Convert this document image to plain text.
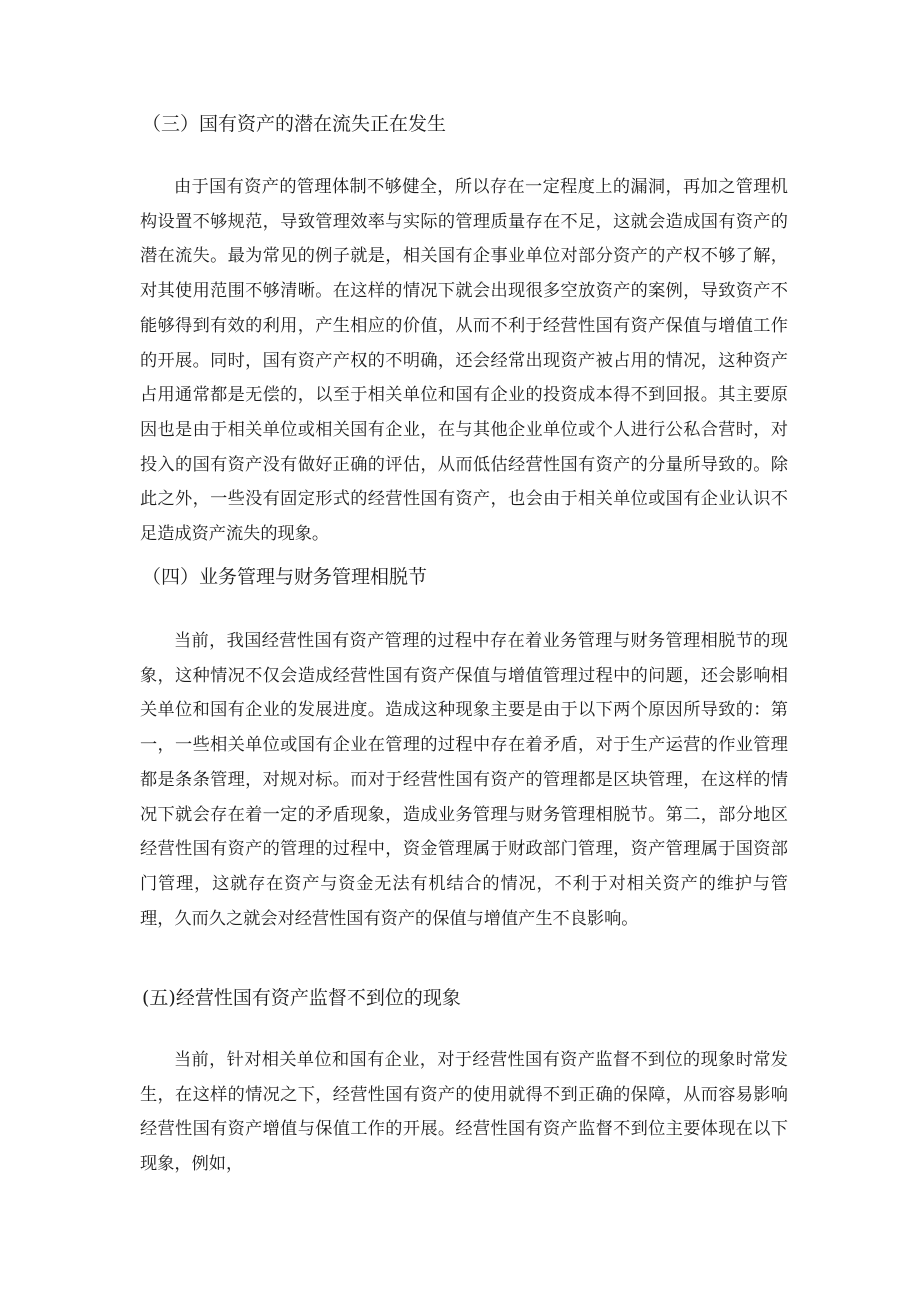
（三）国有资产的潜在流失正在发生

由于国有资产的管理体制不够健全，所以存在一定程度上的漏洞，再加之管理机构设置不够规范，导致管理效率与实际的管理质量存在不足，这就会造成国有资产的潜在流失。最为常见的例子就是，相关国有企事业单位对部分资产的产权不够了解，对其使用范围不够清晰。在这样的情况下就会出现很多空放资产的案例，导致资产不能够得到有效的利用，产生相应的价值，从而不利于经营性国有资产保值与增值工作的开展。同时，国有资产产权的不明确，还会经常出现资产被占用的情况，这种资产占用通常都是无偿的，以至于相关单位和国有企业的投资成本得不到回报。其主要原因也是由于相关单位或相关国有企业，在与其他企业单位或个人进行公私合营时，对投入的国有资产没有做好正确的评估，从而低估经营性国有资产的分量所导致的。除此之外，一些没有固定形式的经营性国有资产，也会由于相关单位或国有企业认识不足造成资产流失的现象。

（四）业务管理与财务管理相脱节

当前，我国经营性国有资产管理的过程中存在着业务管理与财务管理相脱节的现象，这种情况不仅会造成经营性国有资产保值与增值管理过程中的问题，还会影响相关单位和国有企业的发展进度。造成这种现象主要是由于以下两个原因所导致的：第一，一些相关单位或国有企业在管理的过程中存在着矛盾，对于生产运营的作业管理都是条条管理，对规对标。而对于经营性国有资产的管理都是区块管理，在这样的情况下就会存在着一定的矛盾现象，造成业务管理与财务管理相脱节。第二，部分地区经营性国有资产的管理的过程中，资金管理属于财政部门管理，资产管理属于国资部门管理，这就存在资产与资金无法有机结合的情况，不利于对相关资产的维护与管理，久而久之就会对经营性国有资产的保值与增值产生不良影响。

(五)经营性国有资产监督不到位的现象

当前，针对相关单位和国有企业，对于经营性国有资产监督不到位的现象时常发生，在这样的情况之下，经营性国有资产的使用就得不到正确的保障，从而容易影响经营性国有资产增值与保值工作的开展。经营性国有资产监督不到位主要体现在以下现象，例如，
